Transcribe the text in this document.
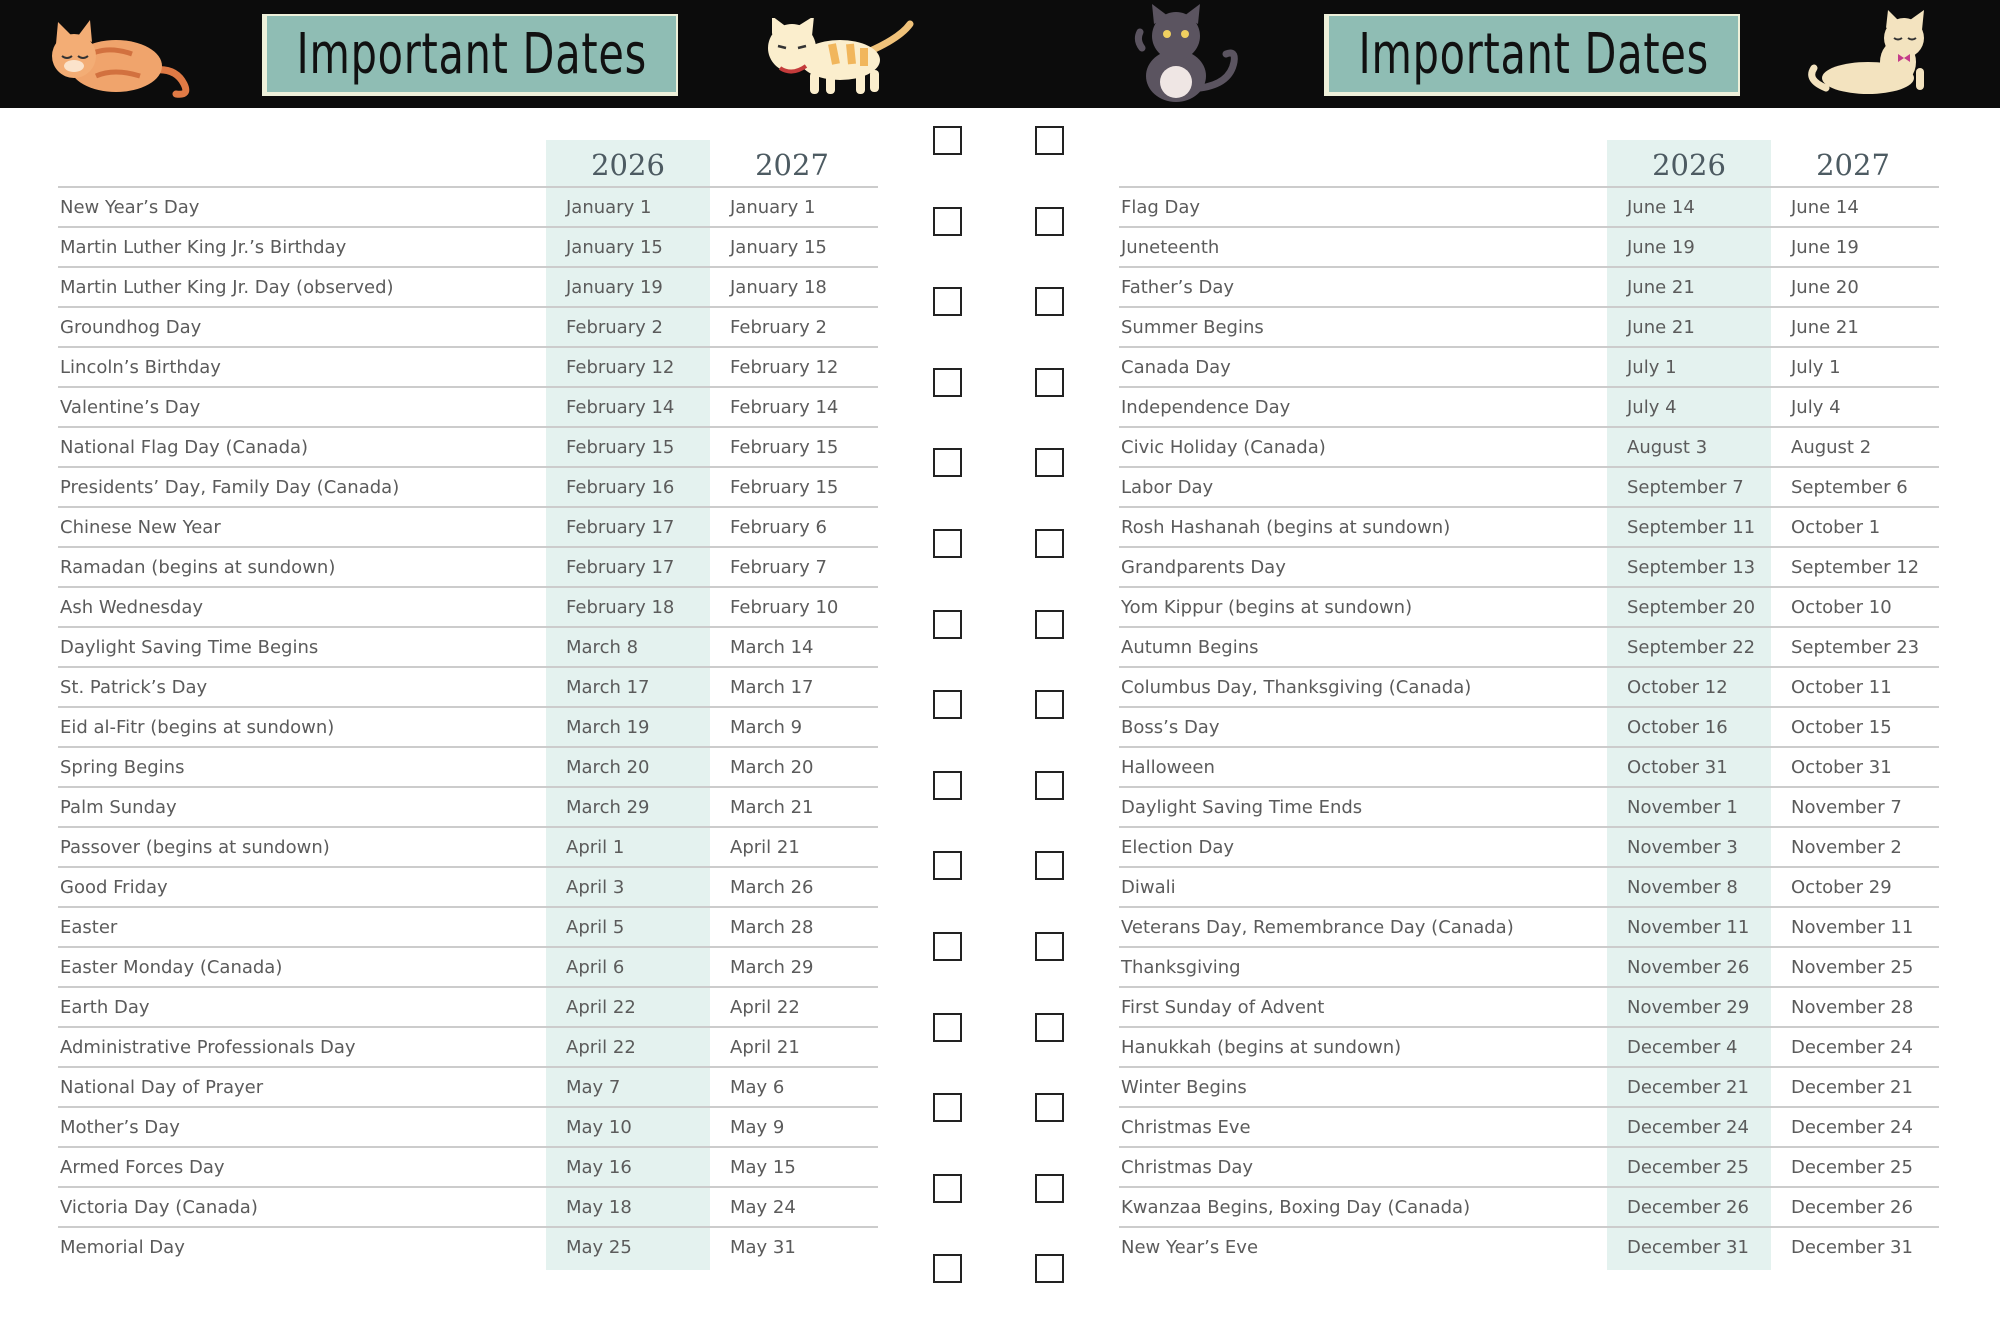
Important Dates	Important Dates
2026	2027
New Year’s Day	January 1	January 1
Martin Luther King Jr.’s Birthday	January 15	January 15
Martin Luther King Jr. Day (observed)	January 19	January 18
Groundhog Day	February 2	February 2
Lincoln’s Birthday	February 12	February 12
Valentine’s Day	February 14	February 14
National Flag Day (Canada)	February 15	February 15
Presidents’ Day, Family Day (Canada)	February 16	February 15
Chinese New Year	February 17	February 6
Ramadan (begins at sundown)	February 17	February 7
Ash Wednesday	February 18	February 10
Daylight Saving Time Begins	March 8	March 14
St. Patrick’s Day	March 17	March 17
Eid al-Fitr (begins at sundown)	March 19	March 9
Spring Begins	March 20	March 20
Palm Sunday	March 29	March 21
Passover (begins at sundown)	April 1	April 21
Good Friday	April 3	March 26
Easter	April 5	March 28
Easter Monday (Canada)	April 6	March 29
Earth Day	April 22	April 22
Administrative Professionals Day	April 22	April 21
National Day of Prayer	May 7	May 6
Mother’s Day	May 10	May 9
Armed Forces Day	May 16	May 15
Victoria Day (Canada)	May 18	May 24
Memorial Day	May 25	May 31
2026	2027
Flag Day	June 14	June 14
Juneteenth	June 19	June 19
Father’s Day	June 21	June 20
Summer Begins	June 21	June 21
Canada Day	July 1	July 1
Independence Day	July 4	July 4
Civic Holiday (Canada)	August 3	August 2
Labor Day	September 7	September 6
Rosh Hashanah (begins at sundown)	September 11 October 1
Grandparents Day	September 13 September 12
Yom Kippur (begins at sundown)	September 20 October 10
Autumn Begins	September 22 September 23
Columbus Day, Thanksgiving (Canada)	October 12	October 11
Boss’s Day	October 16	October 15
Halloween	October 31	October 31
Daylight Saving Time Ends	November 1	November 7
Election Day	November 3	November 2
Diwali	November 8	October 29
Veterans Day, Remembrance Day (Canada)	November 11 November 11
Thanksgiving	November 26 November 25
First Sunday of Advent	November 29 November 28
Hanukkah (begins at sundown)	December 4	December 24
Winter Begins	December 21 December 21
Christmas Eve	December 24 December 24
Christmas Day	December 25 December 25
Kwanzaa Begins, Boxing Day (Canada)	December 26 December 26
New Year’s Eve	December 31 December 31
